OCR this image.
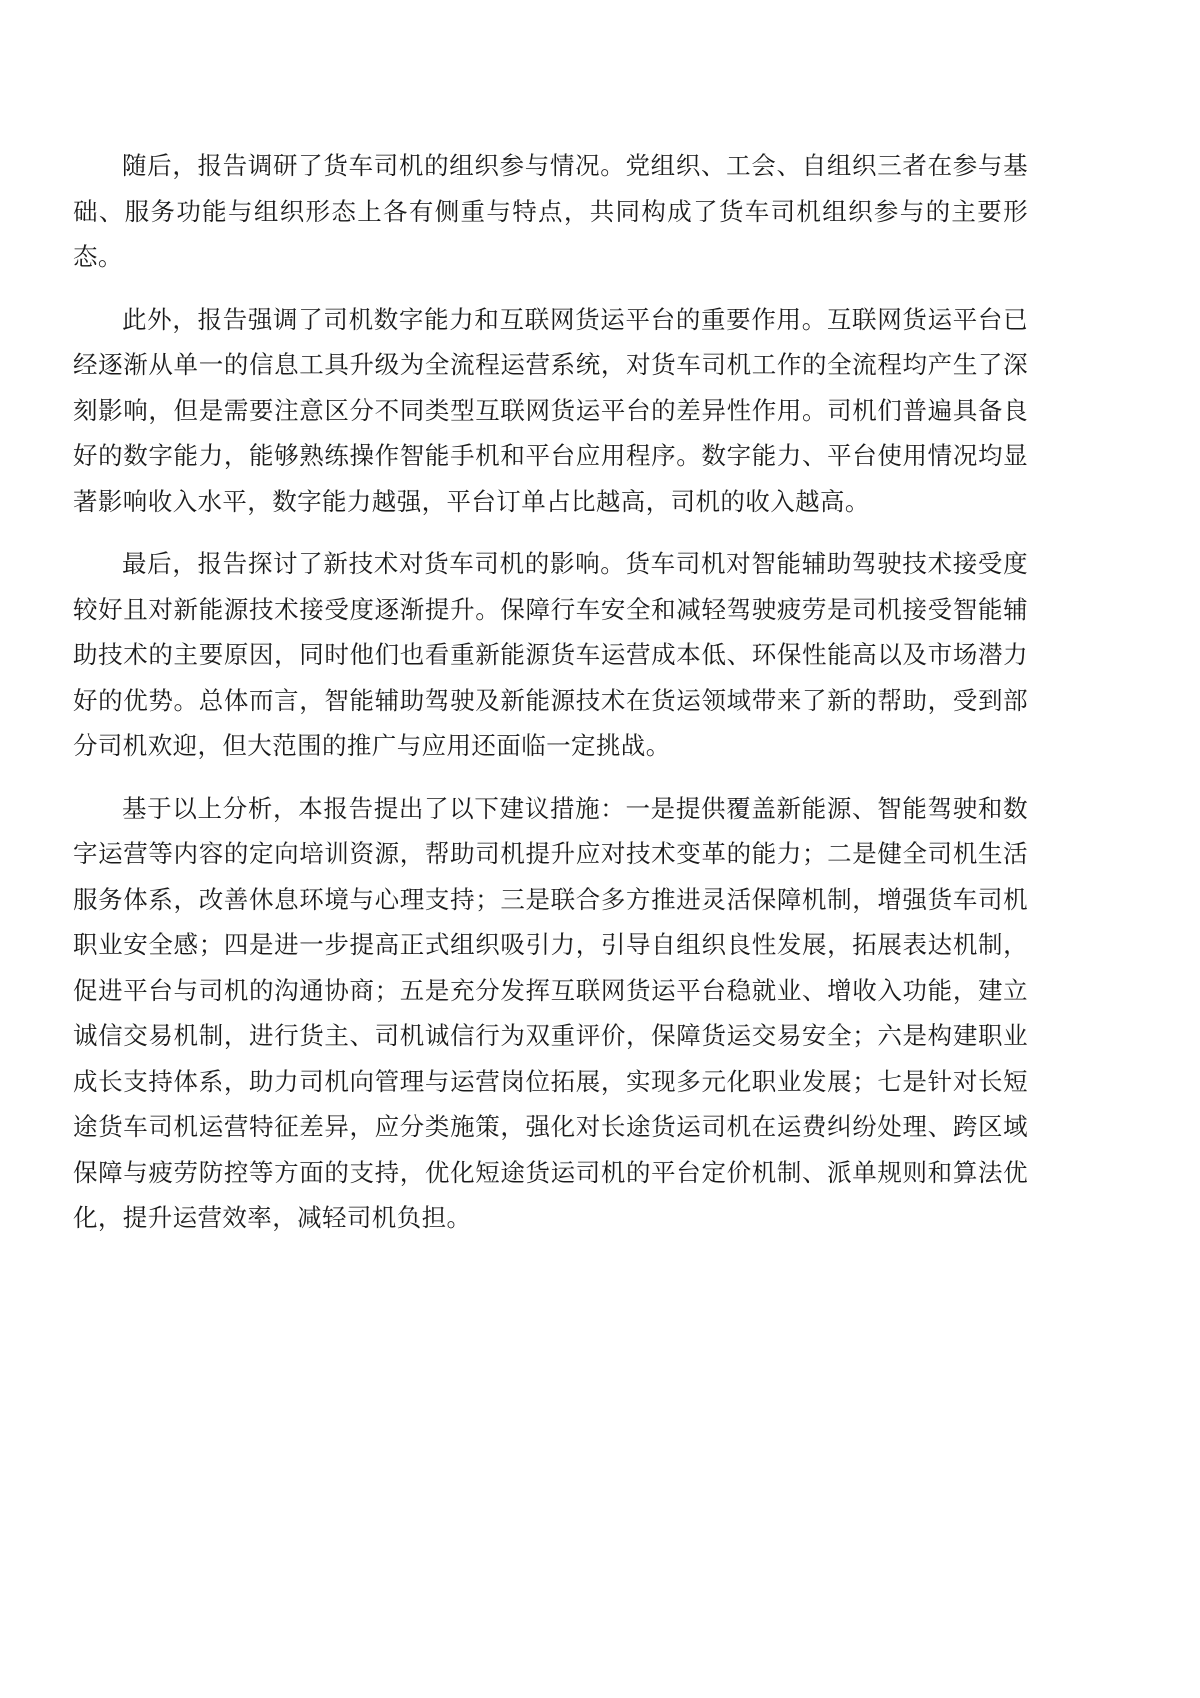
随后，报告调研了货车司机的组织参与情况。党组织、工会、自组织三者在参与基础、服务功能与组织形态上各有侧重与特点，共同构成了货车司机组织参与的主要形态。

此外，报告强调了司机数字能力和互联网货运平台的重要作用。互联网货运平台已经逐渐从单一的信息工具升级为全流程运营系统，对货车司机工作的全流程均产生了深刻影响，但是需要注意区分不同类型互联网货运平台的差异性作用。司机们普遍具备良好的数字能力，能够熟练操作智能手机和平台应用程序。数字能力、平台使用情况均显著影响收入水平，数字能力越强，平台订单占比越高，司机的收入越高。

最后，报告探讨了新技术对货车司机的影响。货车司机对智能辅助驾驶技术接受度较好且对新能源技术接受度逐渐提升。保障行车安全和减轻驾驶疲劳是司机接受智能辅助技术的主要原因，同时他们也看重新能源货车运营成本低、环保性能高以及市场潜力好的优势。总体而言，智能辅助驾驶及新能源技术在货运领域带来了新的帮助，受到部分司机欢迎，但大范围的推广与应用还面临一定挑战。

基于以上分析，本报告提出了以下建议措施：一是提供覆盖新能源、智能驾驶和数字运营等内容的定向培训资源，帮助司机提升应对技术变革的能力；二是健全司机生活服务体系，改善休息环境与心理支持；三是联合多方推进灵活保障机制，增强货车司机职业安全感；四是进一步提高正式组织吸引力，引导自组织良性发展，拓展表达机制，促进平台与司机的沟通协商；五是充分发挥互联网货运平台稳就业、增收入功能，建立诚信交易机制，进行货主、司机诚信行为双重评价，保障货运交易安全；六是构建职业成长支持体系，助力司机向管理与运营岗位拓展，实现多元化职业发展；七是针对长短途货车司机运营特征差异，应分类施策，强化对长途货运司机在运费纠纷处理、跨区域保障与疲劳防控等方面的支持，优化短途货运司机的平台定价机制、派单规则和算法优化，提升运营效率，减轻司机负担。
